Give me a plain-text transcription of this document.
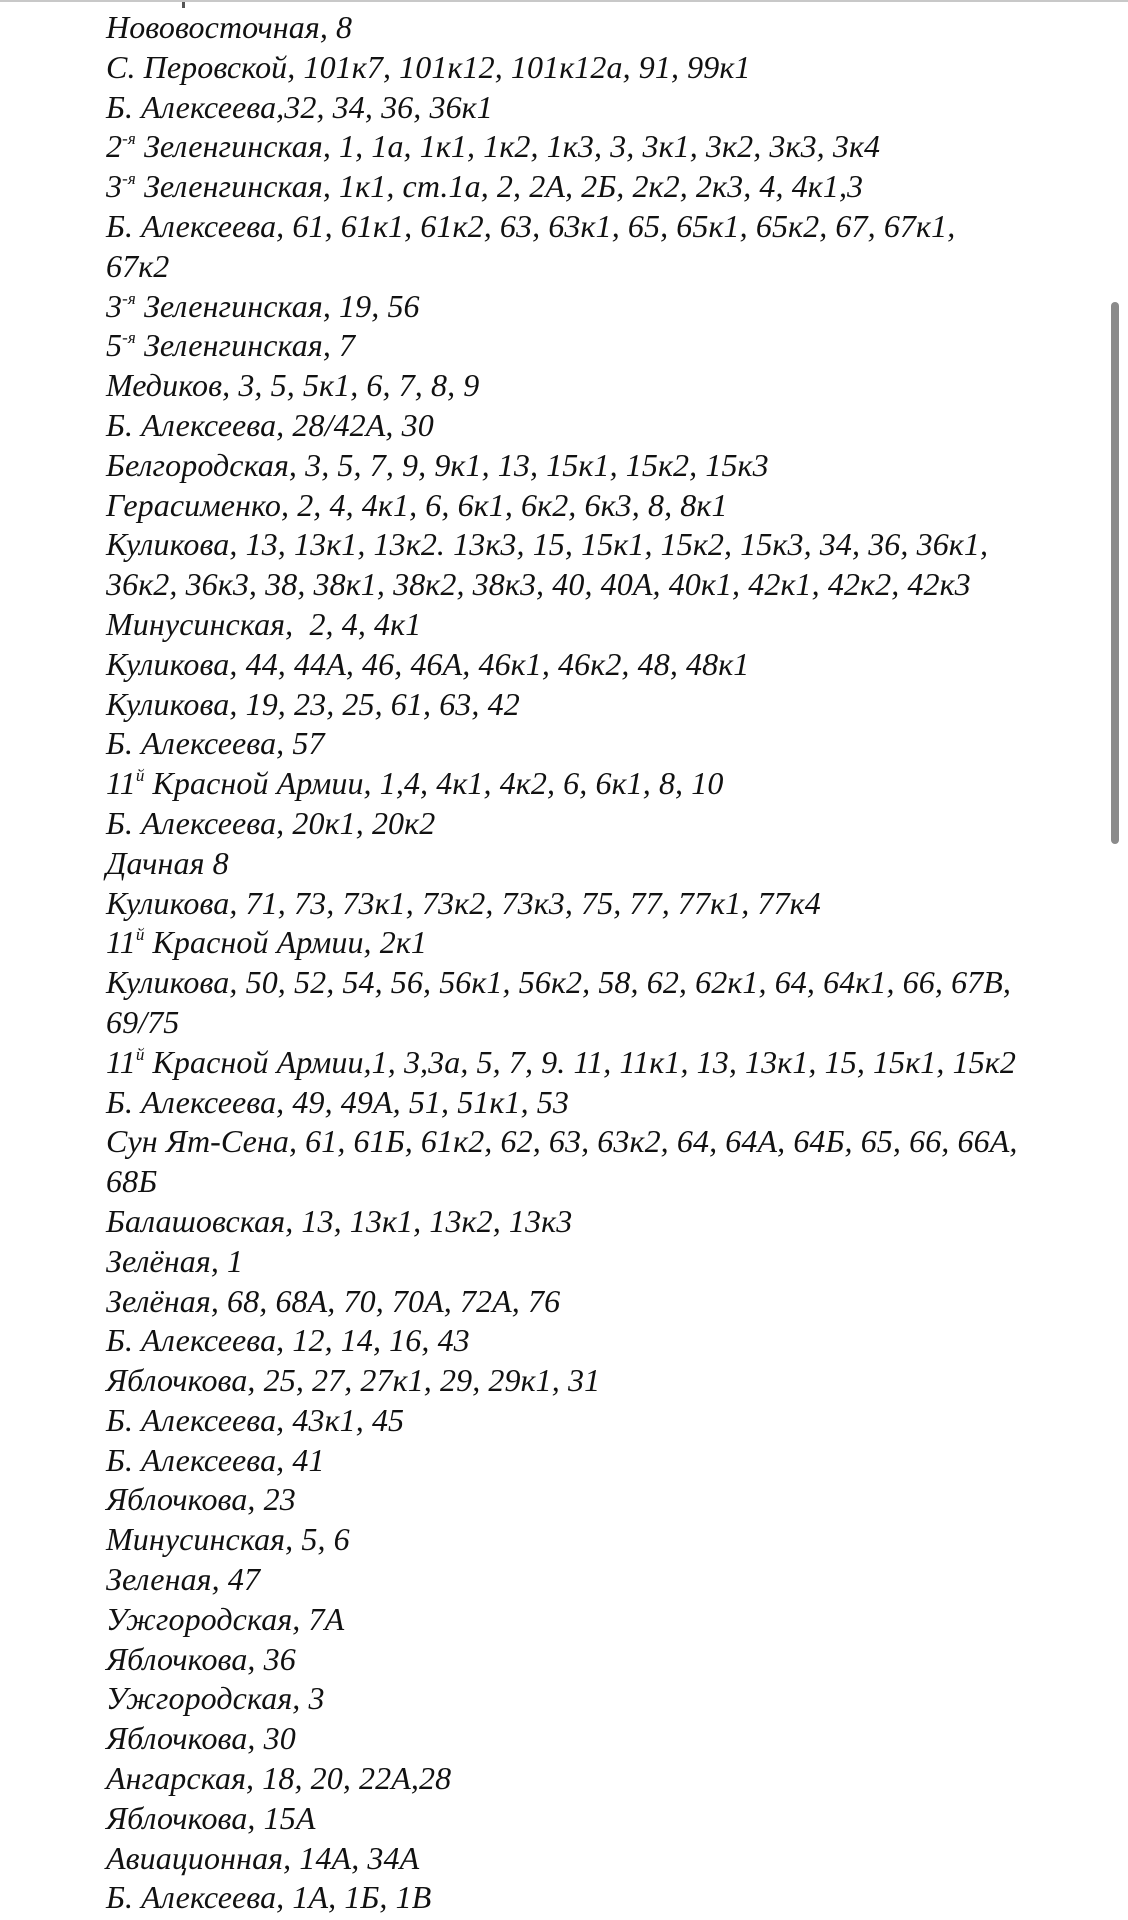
Нововосточная, 8
С. Перовской, 101к7, 101к12, 101к12а, 91, 99к1
Б. Алексеева,32, 34, 36, 36к1
$2^{-я}$ Зеленгинская, 1, 1а, 1к1, 1к2, 1к3, 3, 3к1, 3к2, 3к3, 3к4
$3^{-я}$ Зеленгинская, 1к1, ст.1а, 2, 2А, 2Б, 2к2, 2к3, 4, 4к1,3
Б. Алексеева, 61, 61к1, 61к2, 63, 63к1, 65, 65к1, 65к2, 67, 67к1,
67к2
$3^{-я}$ Зеленгинская, 19, 56
$5^{-я}$ Зеленгинская, 7
Медиков, 3, 5, 5к1, 6, 7, 8, 9
Б. Алексеева, 28/42А, 30
Белгородская, 3, 5, 7, 9, 9к1, 13, 15к1, 15к2, 15к3
Герасименко, 2, 4, 4к1, 6, 6к1, 6к2, 6к3, 8, 8к1
Куликова, 13, 13к1, 13к2. 13к3, 15, 15к1, 15к2, 15к3, 34, 36, 36к1,
36к2, 36к3, 38, 38к1, 38к2, 38к3, 40, 40А, 40к1, 42к1, 42к2, 42к3
Минусинская,  2, 4, 4к1
Куликова, 44, 44А, 46, 46А, 46к1, 46к2, 48, 48к1
Куликова, 19, 23, 25, 61, 63, 42
Б. Алексеева, 57
$11^й$ Красной Армии, 1,4, 4к1, 4к2, 6, 6к1, 8, 10
Б. Алексеева, 20к1, 20к2
Дачная 8
Куликова, 71, 73, 73к1, 73к2, 73к3, 75, 77, 77к1, 77к4
$11^й$ Красной Армии, 2к1
Куликова, 50, 52, 54, 56, 56к1, 56к2, 58, 62, 62к1, 64, 64к1, 66, 67В,
69/75
$11^й$ Красной Армии,1, 3,3а, 5, 7, 9. 11, 11к1, 13, 13к1, 15, 15к1, 15к2
Б. Алексеева, 49, 49А, 51, 51к1, 53
Сун Ят-Сена, 61, 61Б, 61к2, 62, 63, 63к2, 64, 64А, 64Б, 65, 66, 66А,
68Б
Балашовская, 13, 13к1, 13к2, 13к3
Зелёная, 1
Зелёная, 68, 68А, 70, 70А, 72А, 76
Б. Алексеева, 12, 14, 16, 43
Яблочкова, 25, 27, 27к1, 29, 29к1, 31
Б. Алексеева, 43к1, 45
Б. Алексеева, 41
Яблочкова, 23
Минусинская, 5, 6
Зеленая, 47
Ужгородская, 7А
Яблочкова, 36
Ужгородская, 3
Яблочкова, 30
Ангарская, 18, 20, 22А,28
Яблочкова, 15А
Авиационная, 14А, 34А
Б. Алексеева, 1А, 1Б, 1В
